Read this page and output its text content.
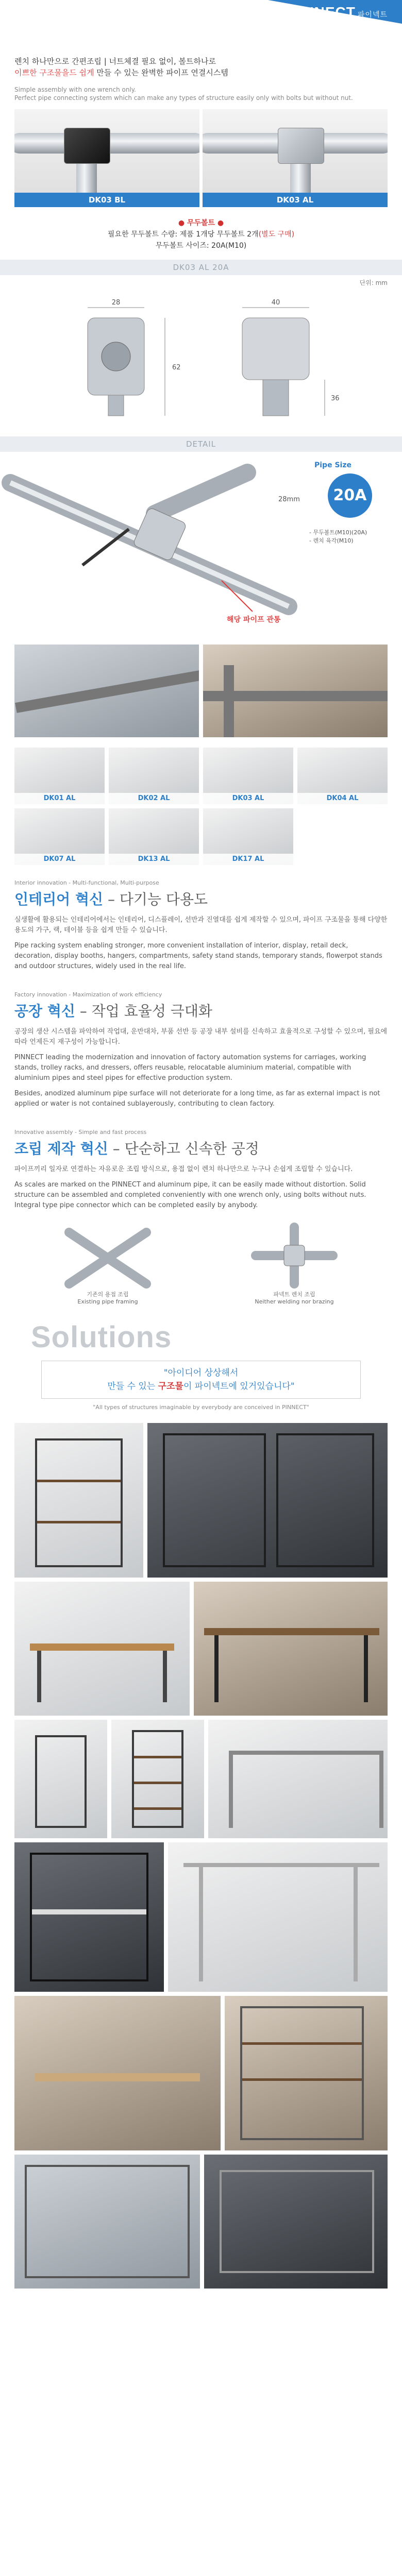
PINNECT 파이넥트
렌치 하나만으로 간편조립 | 너트체결 필요 없이, 볼트하나로
이쁘한 구조물을드 쉽게 만들 수 있는 완벽한 파이프 연결시스템
Simple assembly with one wrench only.
Perfect pipe connecting system which can make any types of structure easily only with bolts but without nut.
DK03 BL	DK03 AL
● 무두볼트 ●
필요한 무두볼트 수량: 제품 1개당 무두볼트 2개(별도 구매)
무두볼트 사이즈: 20A(M10)
DK03 AL 20A
단위: mm
28
62
40
36
DETAIL
Pipe Size
28mm
- 무두볼트(M10)(20A)
- 렌치 육각(M10)
해당 파이프 관통
20A
DK01 AL	DK02 AL	DK03 AL	DK04 AL
DK07 AL	DK13 AL	DK17 AL
Interior innovation - Multi-functional, Multi-purpose
인테리어 혁신 – 다기능 다용도

실생활에 활용되는 인테리어에서는 인테리어, 디스플레이, 선반과 진열대를 쉽게 제작할 수 있으며, 파이프 구조물을 통해 다양한 용도의 가구, 랙, 테이블 등을 쉽게 만들 수 있습니다.

Pipe racking system enabling stronger, more convenient installation of interior, display, retail deck, decoration, display booths, hangers, compartments, safety stand stands, temporary stands, flowerpot stands and outdoor structures, widely used in the real life.

Factory innovation - Maximization of work efficiency
공장 혁신 – 작업 효율성 극대화

공장의 생산 시스템을 파악하여 작업대, 운반대차, 부품 선반 등 공장 내부 설비를 신속하고 효율적으로 구성할 수 있으며, 필요에 따라 언제든지 재구성이 가능합니다.

PINNECT leading the modernization and innovation of factory automation systems for carriages, working stands, trolley racks, and dressers, offers reusable, relocatable aluminium material, compatible with aluminium pipes and steel pipes for effective production system.

Besides, anodized aluminum pipe surface will not deteriorate for a long time, as far as external impact is not applied or water is not contained sublayerously, contributing to clean factory.

Innovative assembly - Simple and fast process
조립 제작 혁신 – 단순하고 신속한 공정

파이프끼리 일자로 연결하는 자유로운 조립 방식으로, 용접 없이 렌치 하나만으로 누구나 손쉽게 조립할 수 있습니다.

As scales are marked on the PINNECT and aluminum pipe, it can be easily made without distortion. Solid structure can be assembled and completed conveniently with one wrench only, using bolts without nuts. Integral type pipe connector which can be completed easily by anybody.

기존의 용접 조립
Existing pipe framing
파넥트 렌치 조립
Neither welding nor brazing
Solutions
"아이디어 상상해서
만들 수 있는 구조물이 파이넥트에 있거있습니다"
"All types of structures imaginable by everybody are conceived in PINNECT"
